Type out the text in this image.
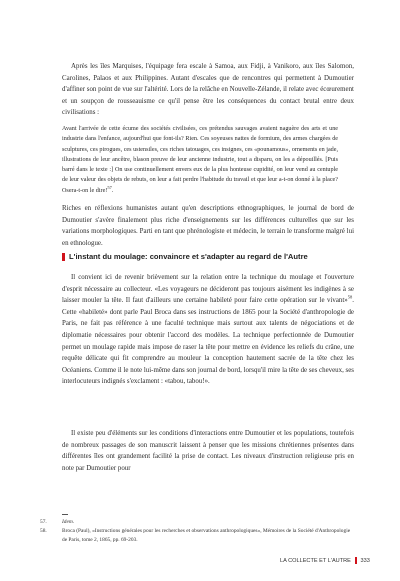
Après les îles Marquises, l'équipage fera escale à Samoa, aux Fidji, à Vanikoro, aux îles Salomon, Carolines, Palaos et aux Philippines. Autant d'escales que de rencontres qui permettent à Dumoutier d'affiner son point de vue sur l'altérité. Lors de la relâche en Nouvelle-Zélande, il relate avec écœurement et un soupçon de rousseauisme ce qu'il pense être les conséquences du contact brutal entre deux civilisations :

Avant l'arrivée de cette écume des sociétés civilisées, ces prétendus sauvages avaient naguère des arts et une industrie dans l'enfance, aujourd'hui que font-ils? Rien. Ces soyeuses nattes de formium, des armes chargées de sculptures, ces pirogues, ces ustensiles, ces riches tatouages, ces insignes, ces «pounamous», ornements en jade, illustrations de leur ancêtre, blason preuve de leur ancienne industrie, tout a disparu, on les a dépouillés. [Puis barré dans le texte :] On use continuellement envers eux de la plus honteuse cupidité, on leur vend au centuple de leur valeur des objets de rebuts, on leur a fait perdre l'habitude du travail et que leur a-t-on donné à la place? Osera-t-on le dire!$^{57}$.

Riches en réflexions humanistes autant qu'en descriptions ethnographiques, le journal de bord de Dumoutier s'avère finalement plus riche d'enseignements sur les différences culturelles que sur les variations morphologiques. Parti en tant que phrénologiste et médecin, le terrain le transforme malgré lui en ethnologue.

L'instant du moulage: convaincre et s'adapter au regard de l'Autre

Il convient ici de revenir brièvement sur la relation entre la technique du moulage et l'ouverture d'esprit nécessaire au collecteur. «Les voyageurs ne décideront pas toujours aisément les indigènes à se laisser mouler la tête. Il faut d'ailleurs une certaine habileté pour faire cette opération sur le vivant»$^{58}$. Cette «habileté» dont parle Paul Broca dans ses instructions de 1865 pour la Société d'anthropologie de Paris, ne fait pas référence à une faculté technique mais surtout aux talents de négociations et de diplomatie nécessaires pour obtenir l'accord des modèles. La technique perfectionnée de Dumoutier permet un moulage rapide mais impose de raser la tête pour mettre en évidence les reliefs du crâne, une requête délicate qui fit comprendre au mouleur la conception hautement sacrée de la tête chez les Océaniens. Comme il le note lui-même dans son journal de bord, lorsqu'il mire la tête de ses cheveux, ses interlocuteurs indignés s'exclament : «tabou, tabou!».

Il existe peu d'éléments sur les conditions d'interactions entre Dumoutier et les populations, toutefois de nombreux passages de son manuscrit laissent à penser que les missions chrétiennes présentes dans différentes îles ont grandement facilité la prise de contact. Les niveaux d'instruction religieuse pris en note par Dumoutier pour

57.	Idem.
58.	Broca (Paul), «Instructions générales pour les recherches et observations anthropologiques», Mémoires de la Société d'Anthropologie de Paris, tome 2, 1865, pp. 69-203.
LA COLLECTE ET L'AUTRE 333
